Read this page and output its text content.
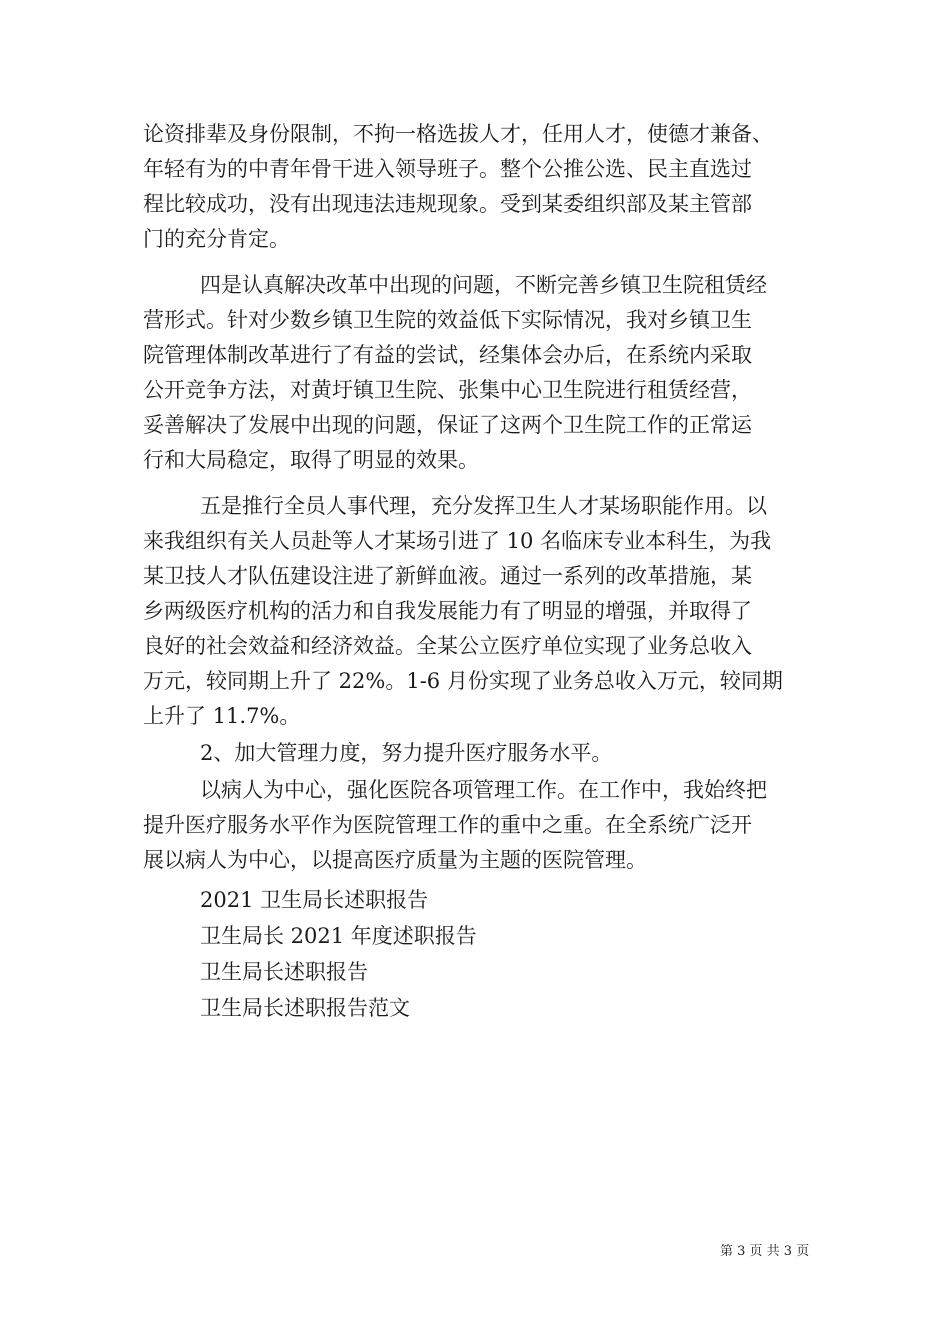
论资排辈及身份限制，不拘一格选拔人才，任用人才，使德才兼备、
年轻有为的中青年骨干进入领导班子。整个公推公选、民主直选过
程比较成功，没有出现违法违规现象。受到某委组织部及某主管部
门的充分肯定。
四是认真解决改革中出现的问题，不断完善乡镇卫生院租赁经
营形式。针对少数乡镇卫生院的效益低下实际情况，我对乡镇卫生
院管理体制改革进行了有益的尝试，经集体会办后，在系统内采取
公开竞争方法，对黄圩镇卫生院、张集中心卫生院进行租赁经营，
妥善解决了发展中出现的问题，保证了这两个卫生院工作的正常运
行和大局稳定，取得了明显的效果。
五是推行全员人事代理，充分发挥卫生人才某场职能作用。以
来我组织有关人员赴等人才某场引进了 10 名临床专业本科生，为我
某卫技人才队伍建设注进了新鲜血液。通过一系列的改革措施，某
乡两级医疗机构的活力和自我发展能力有了明显的增强，并取得了
良好的社会效益和经济效益。全某公立医疗单位实现了业务总收入
万元，较同期上升了 22%。1-6 月份实现了业务总收入万元，较同期
上升了 11.7%。
2、加大管理力度，努力提升医疗服务水平。
以病人为中心，强化医院各项管理工作。在工作中，我始终把
提升医疗服务水平作为医院管理工作的重中之重。在全系统广泛开
展以病人为中心，以提高医疗质量为主题的医院管理。
2021 卫生局长述职报告
卫生局长 2021 年度述职报告
卫生局长述职报告
卫生局长述职报告范文
第 3 页 共 3 页
